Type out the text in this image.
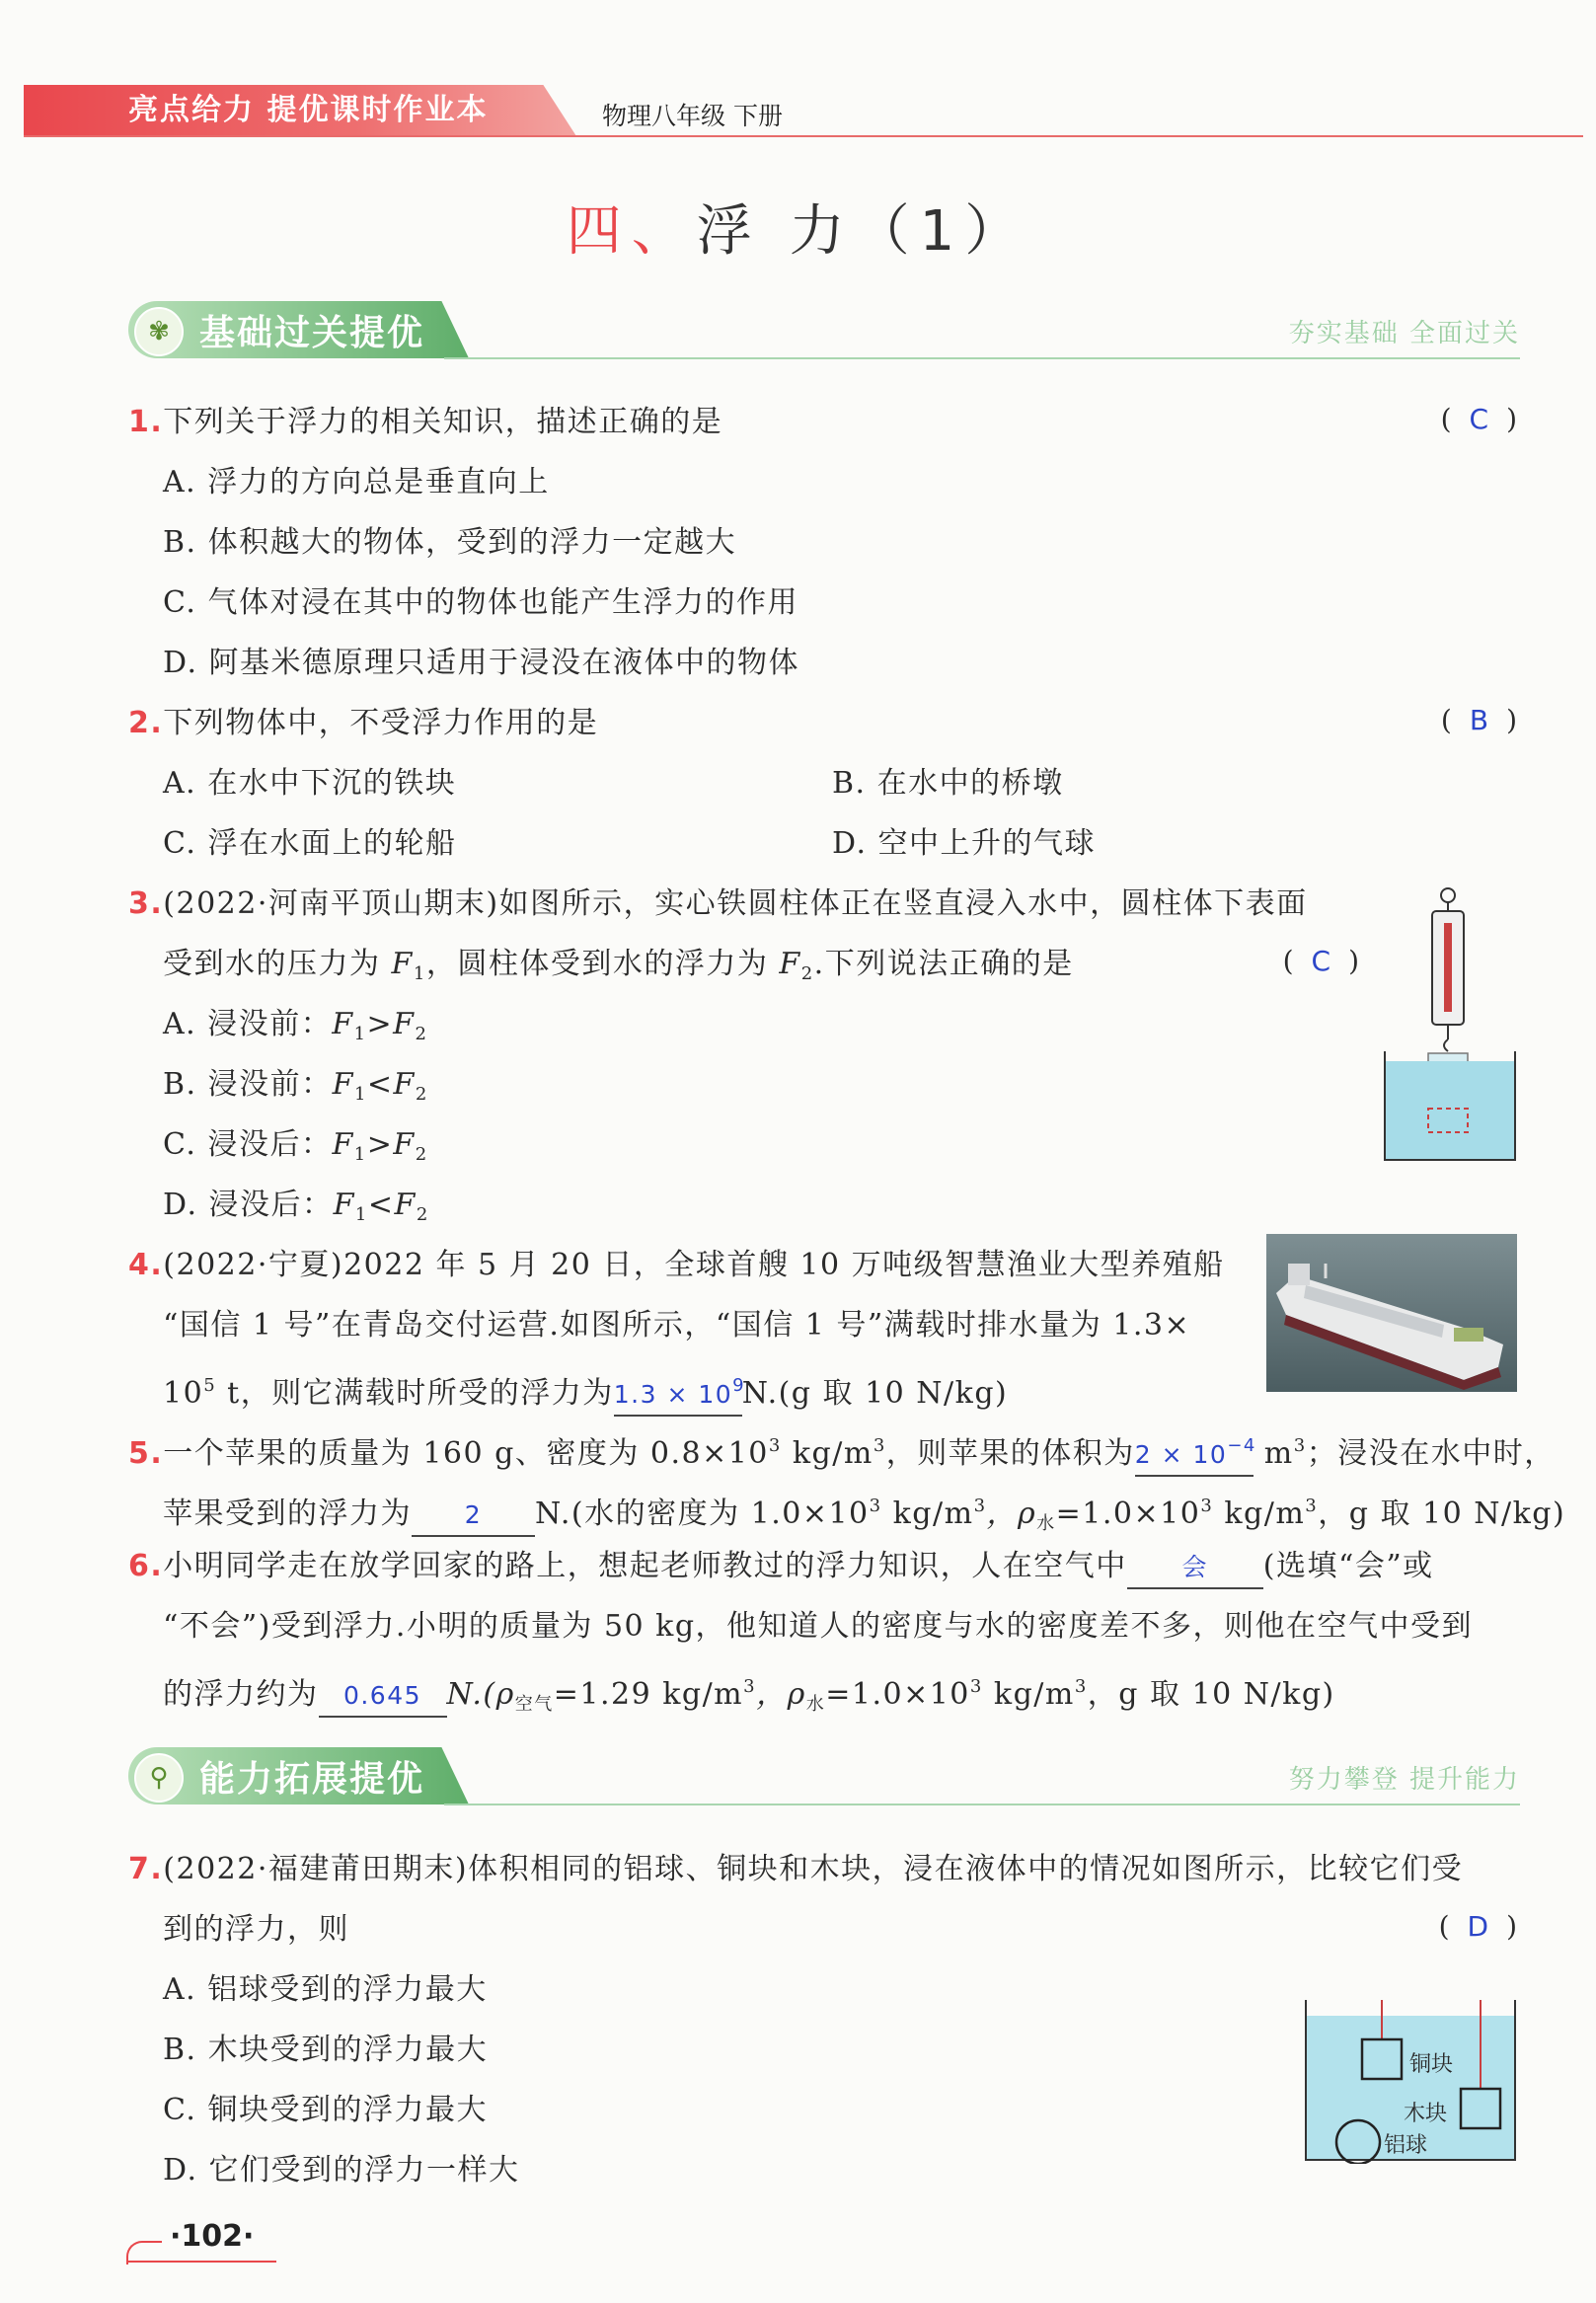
亮点给力 提优课时作业本	物理八年级 下册
四、浮 力（1）
✾ 基础过关提优	夯实基础 全面过关
1.下列关于浮力的相关知识，描述正确的是	( C )
A. 浮力的方向总是垂直向上
B. 体积越大的物体，受到的浮力一定越大
C. 气体对浸在其中的物体也能产生浮力的作用
D. 阿基米德原理只适用于浸没在液体中的物体
2.下列物体中，不受浮力作用的是	( B )
A. 在水中下沉的铁块	B. 在水中的桥墩
C. 浮在水面上的轮船	D. 空中上升的气球
3.(2022·河南平顶山期末)如图所示，实心铁圆柱体正在竖直浸入水中，圆柱体下表面
受到水的压力为 $F_1$，圆柱体受到水的浮力为 $F_2$.下列说法正确的是	( C )
A. 浸没前：$F_1>F_2$
B. 浸没前：$F_1<F_2$
C. 浸没后：$F_1>F_2$
D. 浸没后：$F_1<F_2$
4.(2022·宁夏)2022 年 5 月 20 日，全球首艘 10 万吨级智慧渔业大型养殖船
“国信 1 号”在青岛交付运营.如图所示，“国信 1 号”满载时排水量为 1.3×
$10^5$ t，则它满载时所受的浮力为$1.3 \times 10^9N.(g$ 取 10 N/kg)
5.一个苹果的质量为 160 g、密度为 $0.8\times 10^3$ $kg/m^3$，则苹果的体积为$2 \times 10^{-4}$ $m^3$；浸没在水中时，
苹果受到的浮力为 2 N.(水的密度为 $1.0\times 10^3$ $kg/m^3$，$\rho_水=1.0\times 10^3$ $kg/m^3$，g 取 10 N/kg)
6.小明同学走在放学回家的路上，想起老师教过的浮力知识，人在空气中 会 (选填“会”或
“不会”)受到浮力.小明的质量为 50 kg，他知道人的密度与水的密度差不多，则他在空气中受到
的浮力约为 0.645 $N.(\rho_{空气}=1.29$ $kg/m^3$，$\rho_水=1.0\times 10^3$ $kg/m^3$，g 取 10 N/kg)
⚲ 能力拓展提优	努力攀登 提升能力
7.(2022·福建莆田期末)体积相同的铝球、铜块和木块，浸在液体中的情况如图所示，比较它们受
到的浮力，则	( D )
A. 铝球受到的浮力最大
B. 木块受到的浮力最大
C. 铜块受到的浮力最大
D. 它们受到的浮力一样大
铜块
木块
铝球
·102·
